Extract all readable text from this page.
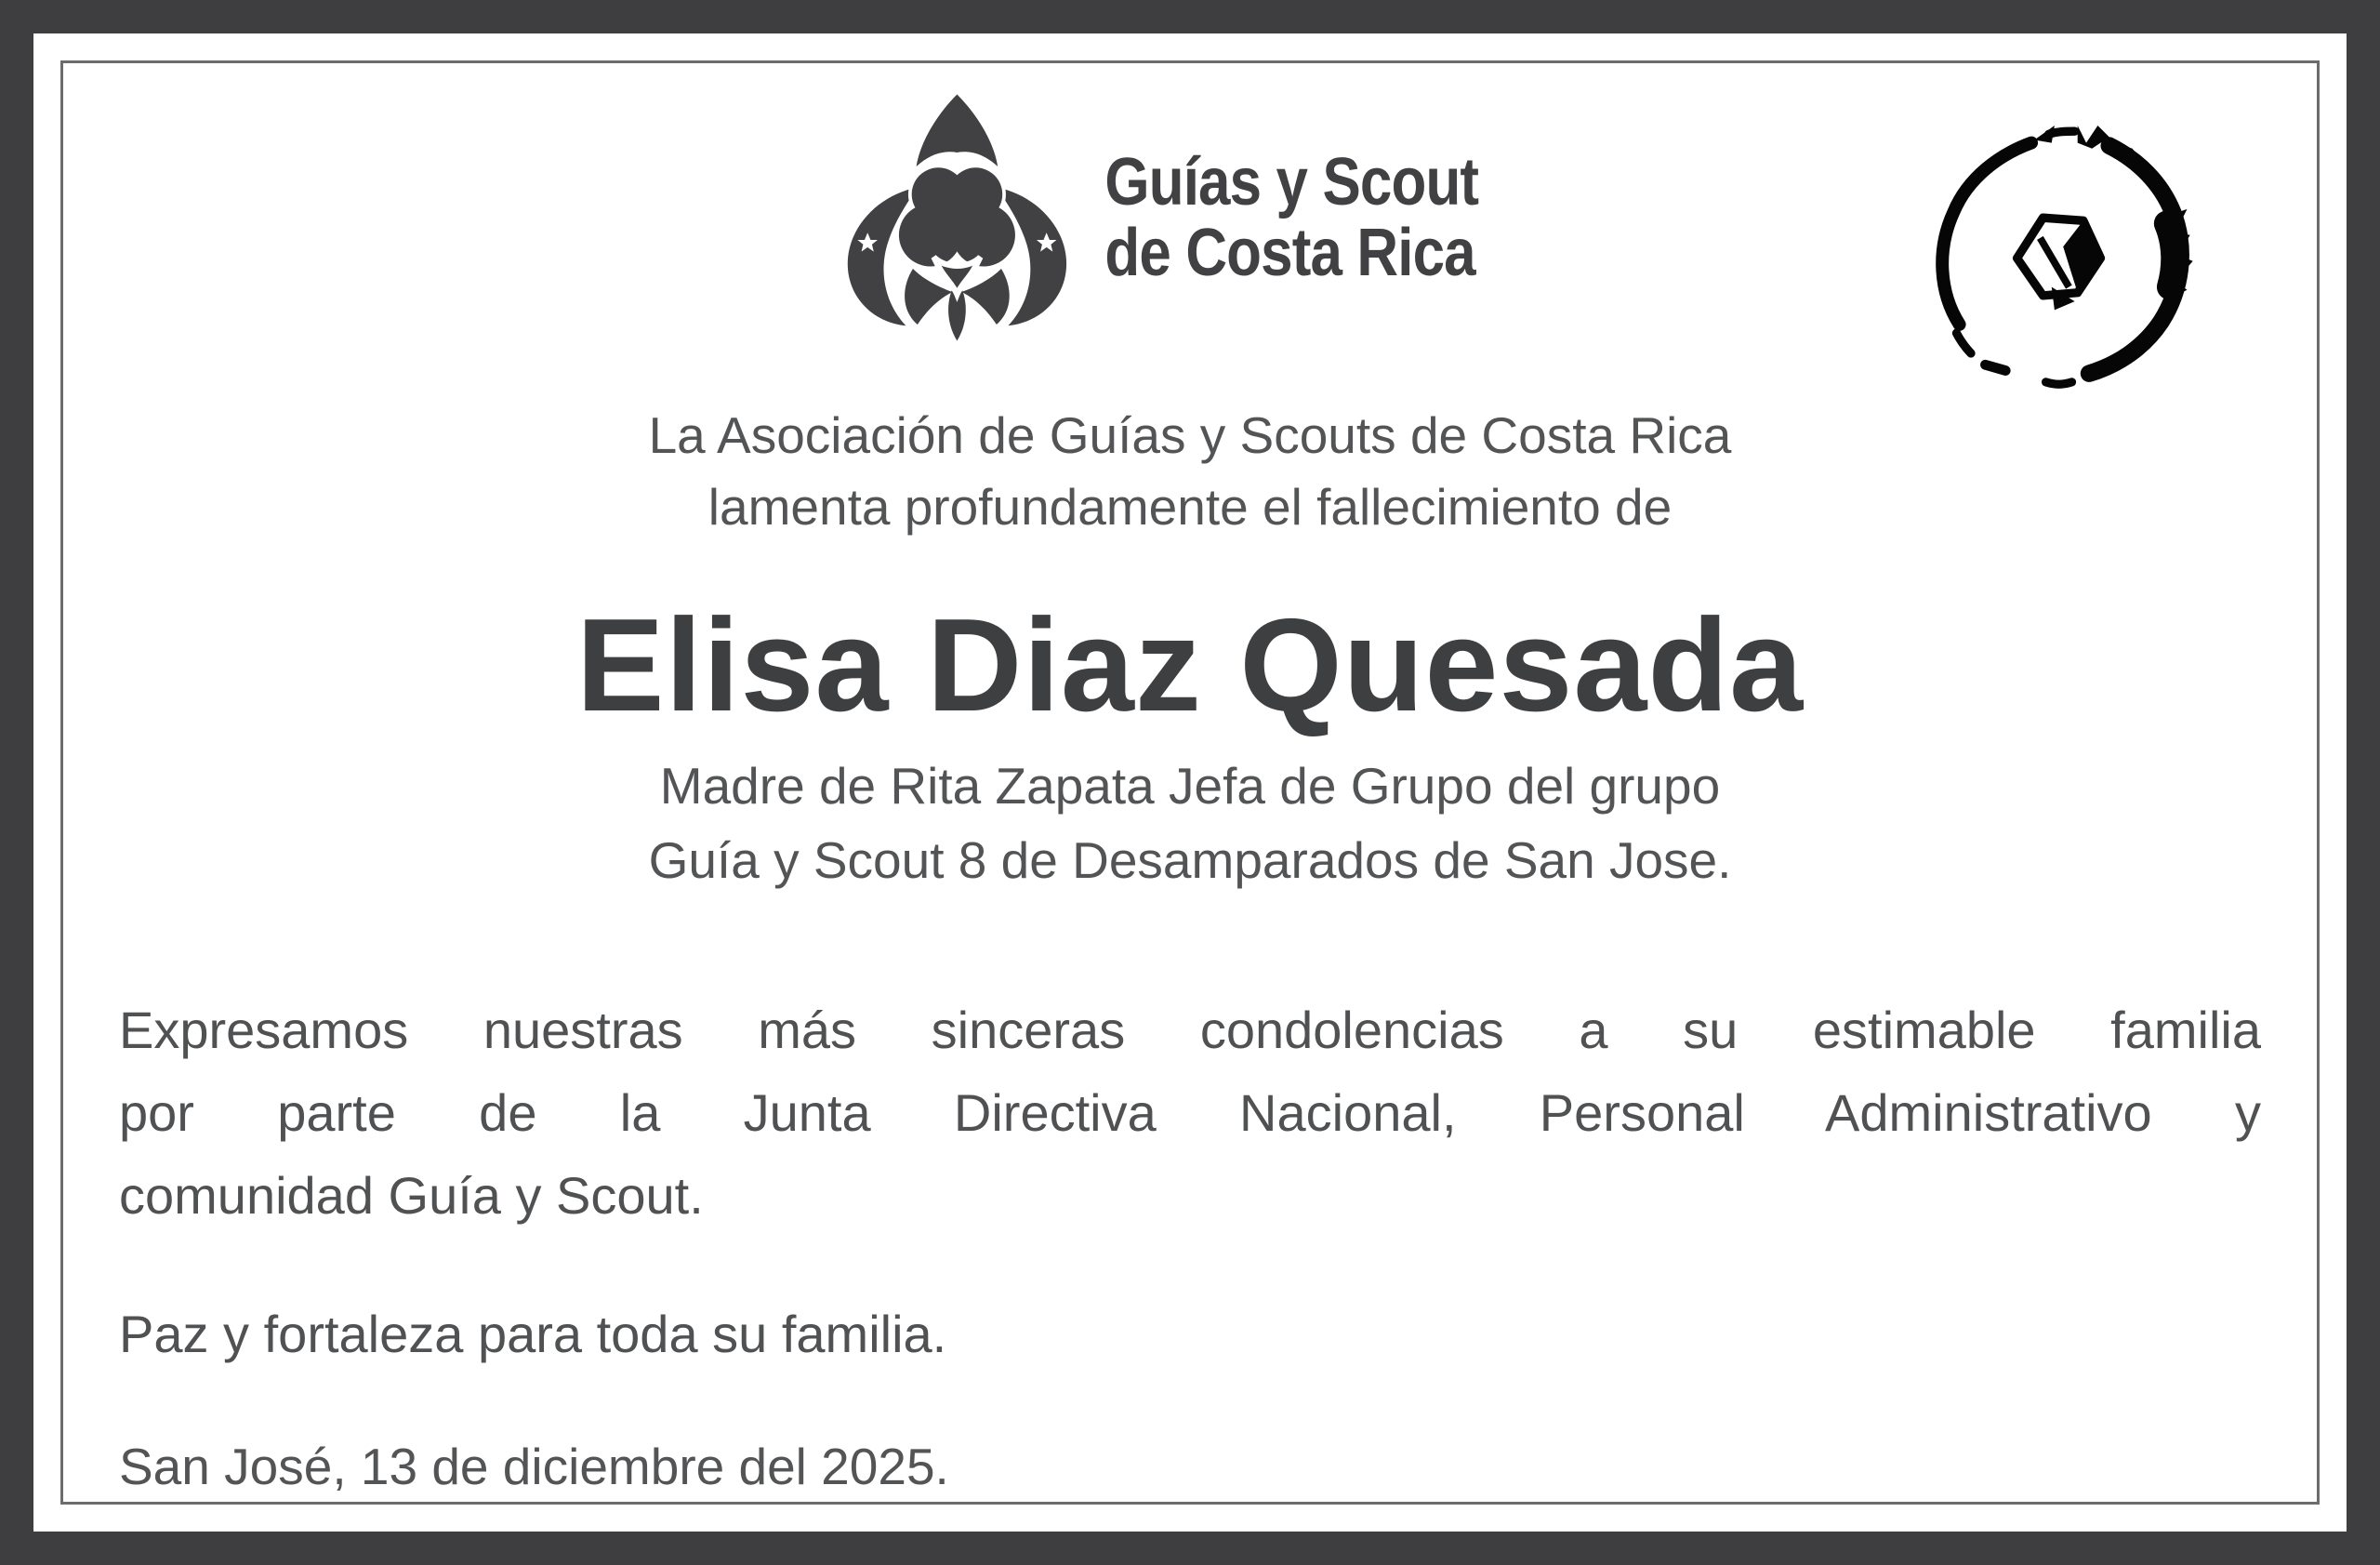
Guías y Scout
de Costa Rica
La Asociación de Guías y Scouts de Costa Rica
lamenta profundamente el fallecimiento de
Elisa Diaz Quesada
Madre de Rita Zapata Jefa de Grupo del grupo
Guía y Scout 8 de Desamparados de San Jose.
Expresamos nuestras más sinceras condolencias a su estimable familia
por parte de la Junta Directiva Nacional, Personal Administrativo y
comunidad Guía y Scout.
Paz y fortaleza para toda su familia.
San José, 13 de diciembre del 2025.
